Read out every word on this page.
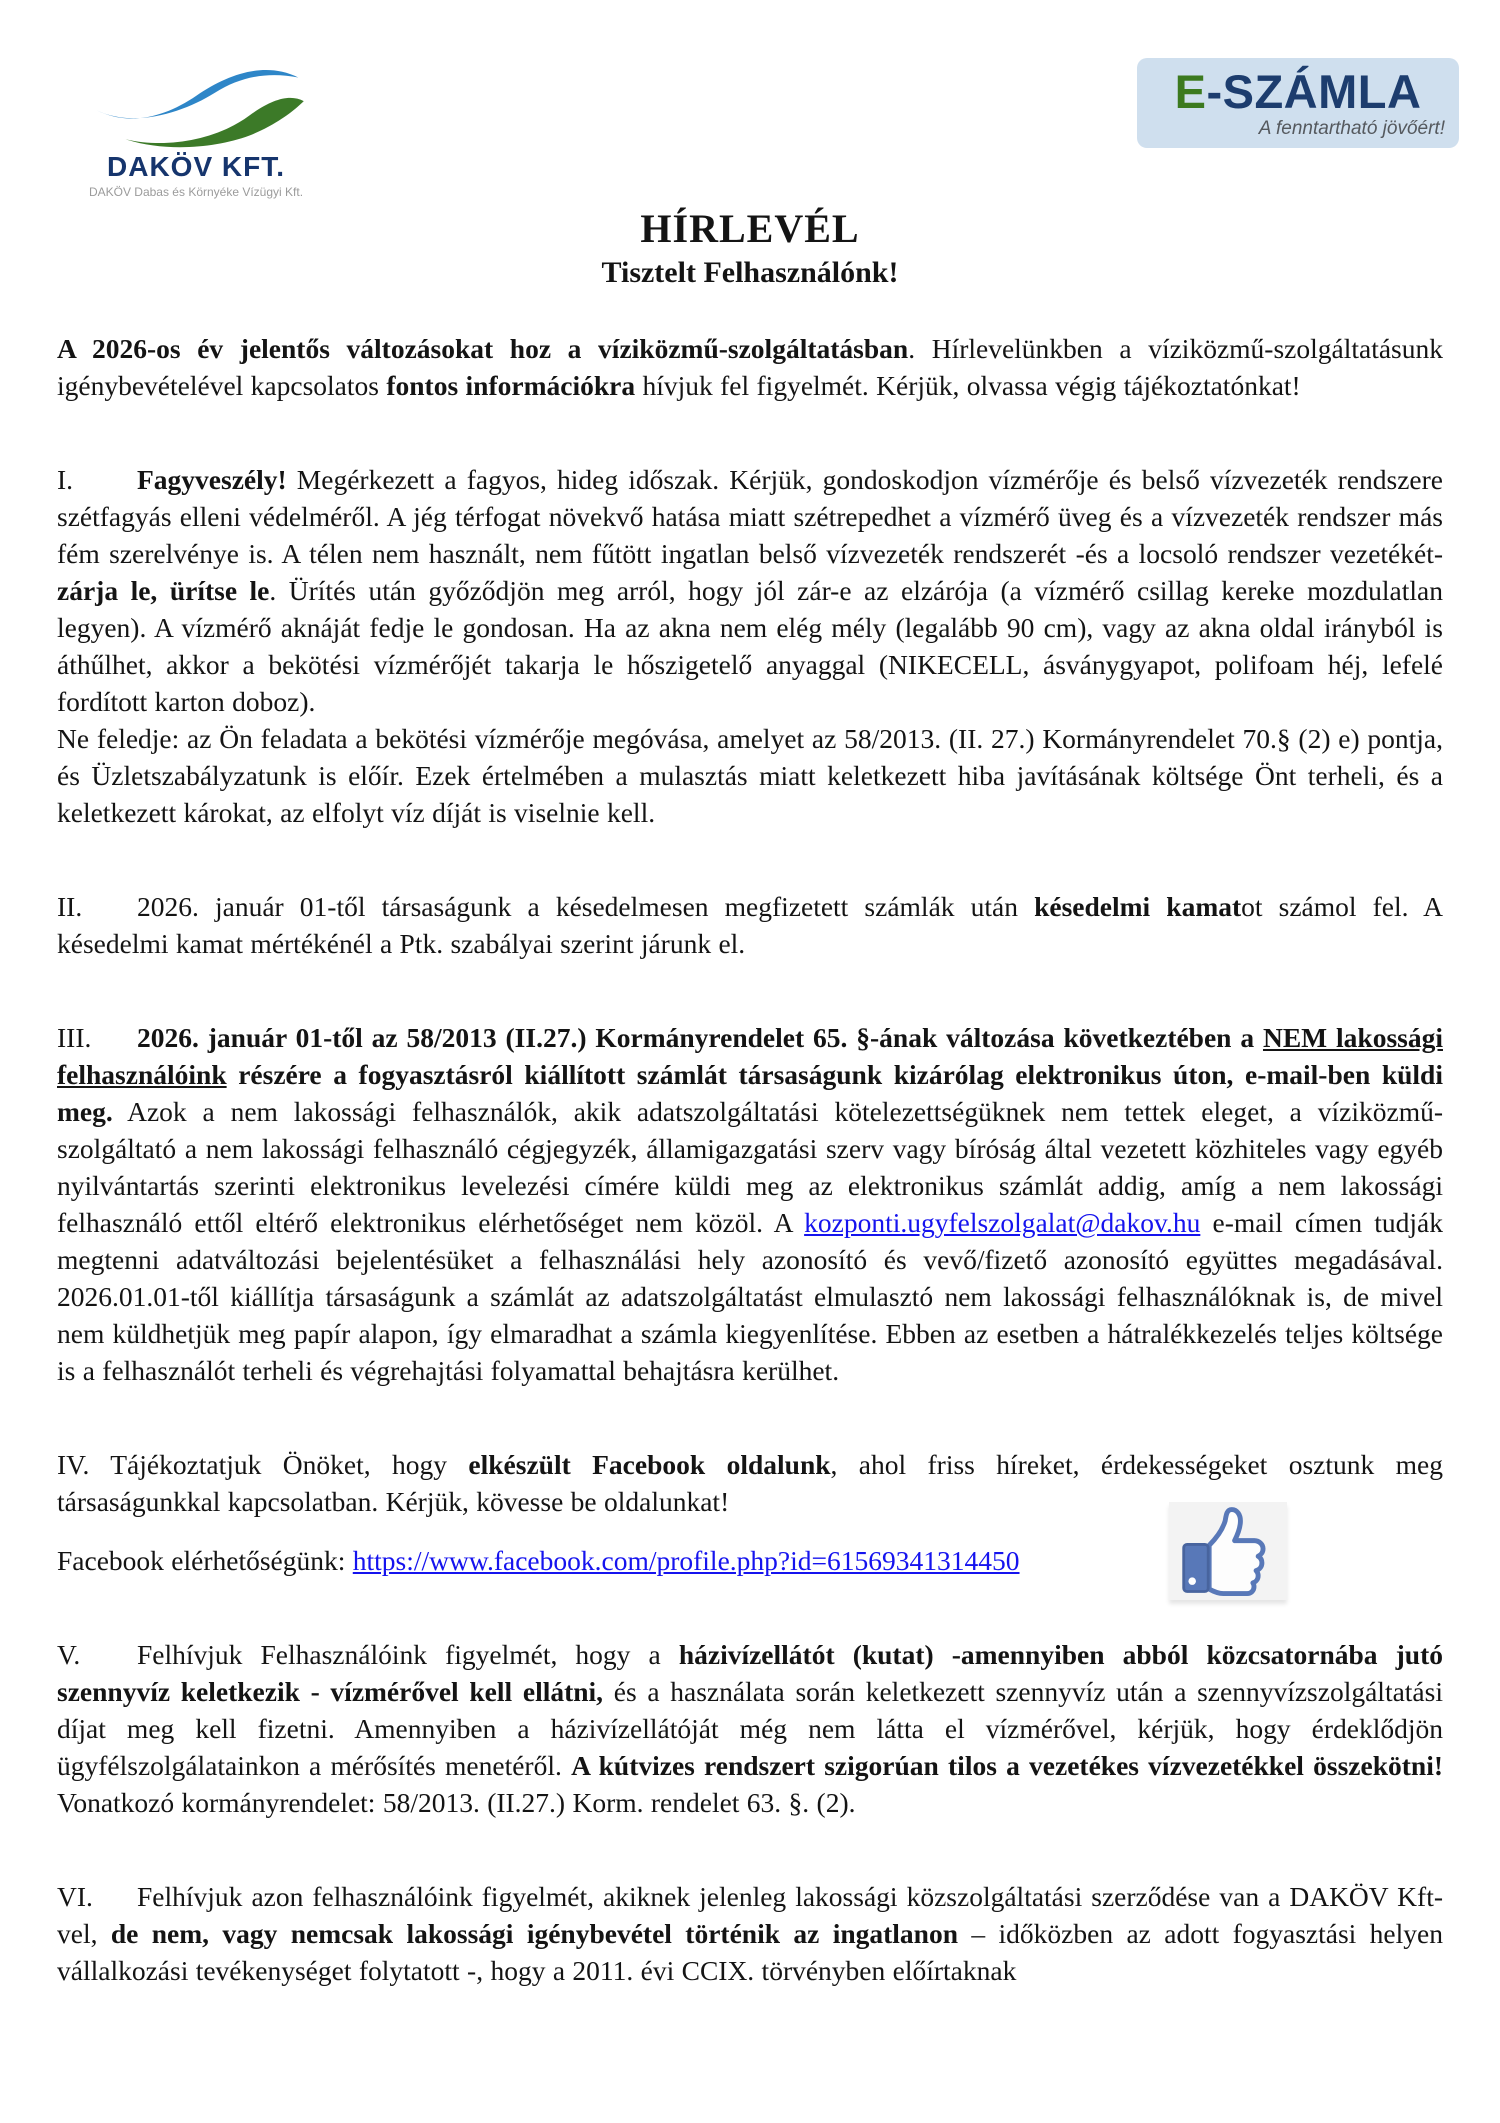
DAKÖV KFT.
DAKÖV Dabas és Környéke Vízügyi Kft.
E-SZÁMLA
A fenntartható jövőért!
HÍRLEVÉL
Tisztelt Felhasználónk!

A 2026-os év jelentős változásokat hoz a víziközmű-szolgáltatásban. Hírlevelünkben a víziközmű-szolgáltatásunk igénybevételével kapcsolatos fontos információkra hívjuk fel figyelmét. Kérjük, olvassa végig tájékoztatónkat!

I. Fagyveszély! Megérkezett a fagyos, hideg időszak. Kérjük, gondoskodjon vízmérője és belső vízvezeték rendszere szétfagyás elleni védelméről. A jég térfogat növekvő hatása miatt szétrepedhet a vízmérő üveg és a vízvezeték rendszer más fém szerelvénye is. A télen nem használt, nem fűtött ingatlan belső vízvezeték rendszerét -és a locsoló rendszer vezetékét- zárja le, ürítse le. Ürítés után győződjön meg arról, hogy jól zár-e az elzárója (a vízmérő csillag kereke mozdulatlan legyen). A vízmérő aknáját fedje le gondosan. Ha az akna nem elég mély (legalább 90 cm), vagy az akna oldal irányból is áthűlhet, akkor a bekötési vízmérőjét takarja le hőszigetelő anyaggal (NIKECELL, ásványgyapot, polifoam héj, lefelé fordított karton doboz).

Ne feledje: az Ön feladata a bekötési vízmérője megóvása, amelyet az 58/2013. (II. 27.) Kormányrendelet 70.§ (2) e) pontja, és Üzletszabályzatunk is előír. Ezek értelmében a mulasztás miatt keletkezett hiba javításának költsége Önt terheli, és a keletkezett károkat, az elfolyt víz díját is viselnie kell.

II. 2026. január 01-től társaságunk a késedelmesen megfizetett számlák után késedelmi kamatot számol fel. A késedelmi kamat mértékénél a Ptk. szabályai szerint járunk el.

III. 2026. január 01-től az 58/2013 (II.27.) Kormányrendelet 65. §-ának változása következtében a NEM lakossági felhasználóink részére a fogyasztásról kiállított számlát társaságunk kizárólag elektronikus úton, e-mail-ben küldi meg. Azok a nem lakossági felhasználók, akik adatszolgáltatási kötelezettségüknek nem tettek eleget, a víziközmű-szolgáltató a nem lakossági felhasználó cégjegyzék, államigazgatási szerv vagy bíróság által vezetett közhiteles vagy egyéb nyilvántartás szerinti elektronikus levelezési címére küldi meg az elektronikus számlát addig, amíg a nem lakossági felhasználó ettől eltérő elektronikus elérhetőséget nem közöl. A kozponti.ugyfelszolgalat@dakov.hu e-mail címen tudják megtenni adatváltozási bejelentésüket a felhasználási hely azonosító és vevő/fizető azonosító együttes megadásával. 2026.01.01-től kiállítja társaságunk a számlát az adatszolgáltatást elmulasztó nem lakossági felhasználóknak is, de mivel nem küldhetjük meg papír alapon, így elmaradhat a számla kiegyenlítése. Ebben az esetben a hátralékkezelés teljes költsége is a felhasználót terheli és végrehajtási folyamattal behajtásra kerülhet.

IV. Tájékoztatjuk Önöket, hogy elkészült Facebook oldalunk, ahol friss híreket, érdekességeket osztunk meg társaságunkkal kapcsolatban. Kérjük, kövesse be oldalunkat!

Facebook elérhetőségünk: https://www.facebook.com/profile.php?id=61569341314450

V. Felhívjuk Felhasználóink figyelmét, hogy a házivízellátót (kutat) -amennyiben abból közcsatornába jutó szennyvíz keletkezik - vízmérővel kell ellátni, és a használata során keletkezett szennyvíz után a szennyvízszolgáltatási díjat meg kell fizetni. Amennyiben a házivízellátóját még nem látta el vízmérővel, kérjük, hogy érdeklődjön ügyfélszolgálatainkon a mérősítés menetéről. A kútvizes rendszert szigorúan tilos a vezetékes vízvezetékkel összekötni! Vonatkozó kormányrendelet: 58/2013. (II.27.) Korm. rendelet 63. §. (2).

VI. Felhívjuk azon felhasználóink figyelmét, akiknek jelenleg lakossági közszolgáltatási szerződése van a DAKÖV Kft-vel, de nem, vagy nemcsak lakossági igénybevétel történik az ingatlanon – időközben az adott fogyasztási helyen vállalkozási tevékenységet folytatott -, hogy a 2011. évi CCIX. törvényben előírtaknak
